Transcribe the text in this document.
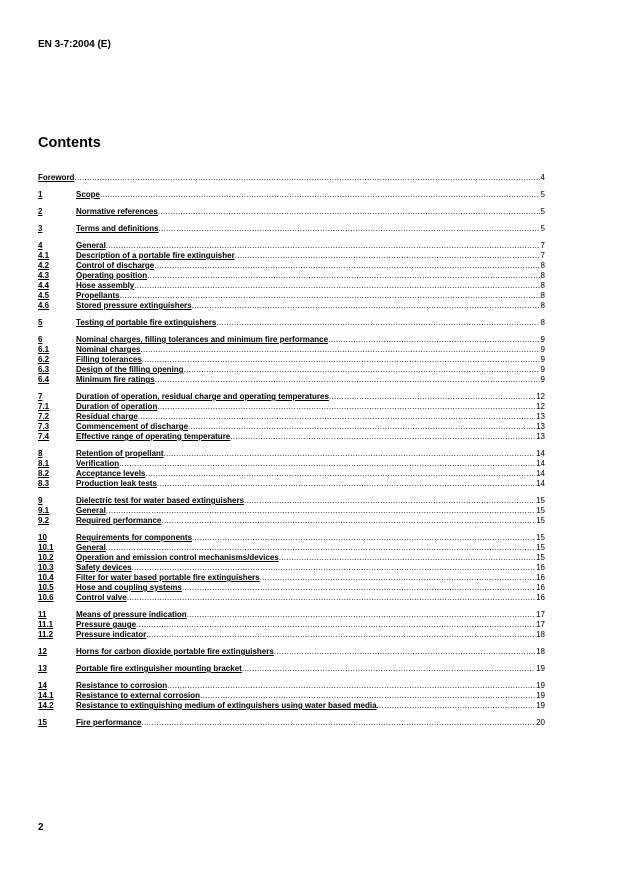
EN 3-7:2004 (E)
Contents
Foreword .....	4
1	Scope .....	5
2	Normative references .....	5
3	Terms and definitions .....	5
4	General .....	7
4.1	Description of a portable fire extinguisher .....	7
4.2	Control of discharge .....	8
4.3	Operating position .....	8
4.4	Hose assembly .....	8
4.5	Propellants .....	8
4.6	Stored pressure extinguishers .....	8
5	Testing of portable fire extinguishers .....	8
6	Nominal charges, filling tolerances and minimum fire performance .....	9
6.1	Nominal charges .....	9
6.2	Filling tolerances .....	9
6.3	Design of the filling opening .....	9
6.4	Minimum fire ratings .....	9
7	Duration of operation, residual charge and operating temperatures .....	12
7.1	Duration of operation .....	12
7.2	Residual charge .....	13
7.3	Commencement of discharge .....	13
7.4	Effective range of operating temperature .....	13
8	Retention of propellant .....	14
8.1	Verification .....	14
8.2	Acceptance levels .....	14
8.3	Production leak tests .....	14
9	Dielectric test for water based extinguishers .....	15
9.1	General .....	15
9.2	Required performance .....	15
10	Requirements for components .....	15
10.1	General .....	15
10.2	Operation and emission control mechanisms/devices .....	15
10.3	Safety devices .....	16
10.4	Filter for water based portable fire extinguishers .....	16
10.5	Hose and coupling systems .....	16
10.6	Control valve .....	16
11	Means of pressure indication .....	17
11.1	Pressure gauge .....	17
11.2	Pressure indicator .....	18
12	Horns for carbon dioxide portable fire extinguishers .....	18
13	Portable fire extinguisher mounting bracket .....	19
14	Resistance to corrosion .....	19
14.1	Resistance to external corrosion .....	19
14.2	Resistance to extinguishing medium of extinguishers using water based media .....	19
15	Fire performance .....	20
2
